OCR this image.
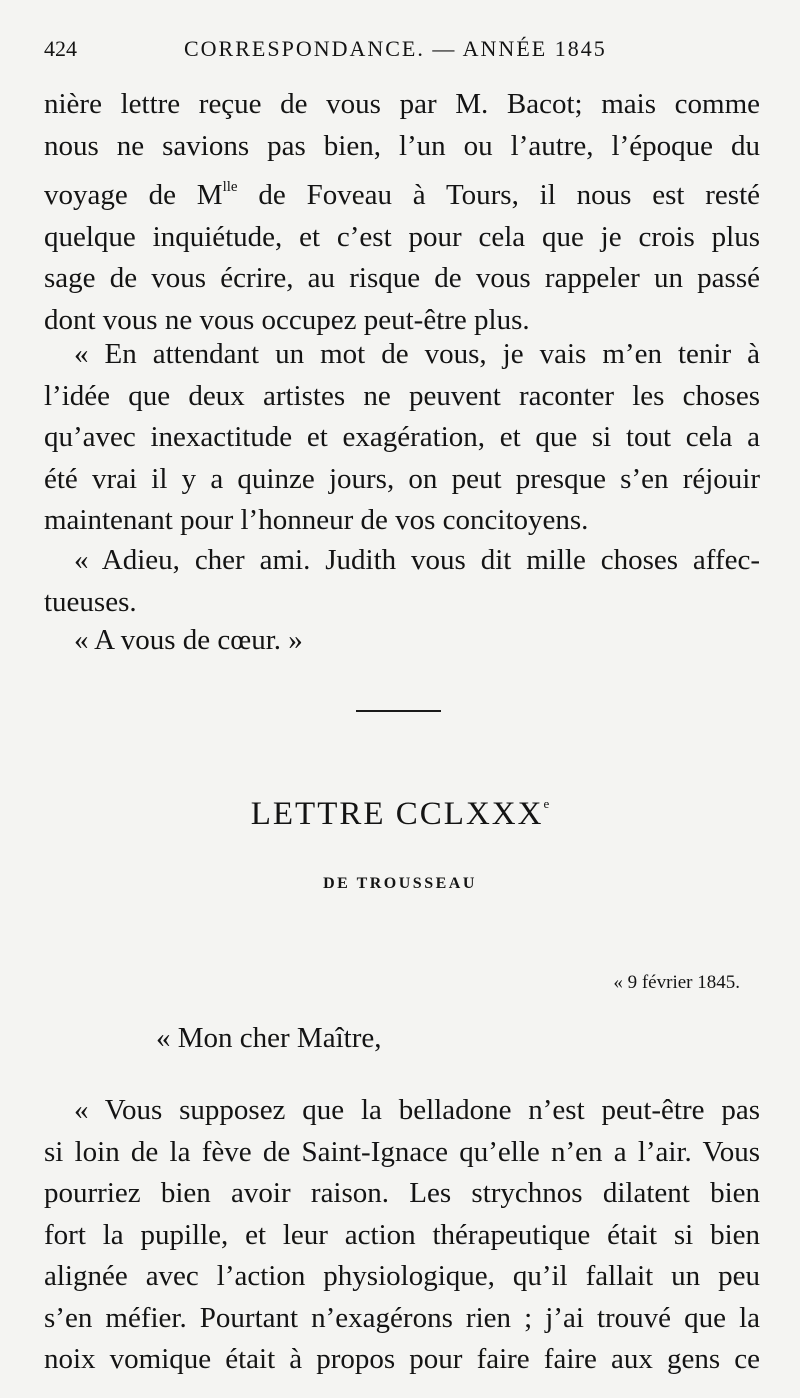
424	CORRESPONDANCE. — ANNÉE 1845
nière lettre reçue de vous par M. Bacot; mais comme
nous ne savions pas bien, l’un ou l’autre, l’époque du
voyage de $M^{lle}$ de Foveau à Tours, il nous est resté
quelque inquiétude, et c’est pour cela que je crois plus
sage de vous écrire, au risque de vous rappeler un passé
dont vous ne vous occupez peut-être plus.
« En attendant un mot de vous, je vais m’en tenir à
l’idée que deux artistes ne peuvent raconter les choses
qu’avec inexactitude et exagération, et que si tout cela a
été vrai il y a quinze jours, on peut presque s’en réjouir
maintenant pour l’honneur de vos concitoyens.
« Adieu, cher ami. Judith vous dit mille choses affec-
tueuses.
« A vous de cœur. »
LETTRE CCLXXXe
DE TROUSSEAU
« 9 février 1845.
« Mon cher Maître,
« Vous supposez que la belladone n’est peut-être pas
si loin de la fève de Saint-Ignace qu’elle n’en a l’air. Vous
pourriez bien avoir raison. Les strychnos dilatent bien
fort la pupille, et leur action thérapeutique était si bien
alignée avec l’action physiologique, qu’il fallait un peu
s’en méfier. Pourtant n’exagérons rien ; j’ai trouvé que la
noix vomique était à propos pour faire faire aux gens ce
